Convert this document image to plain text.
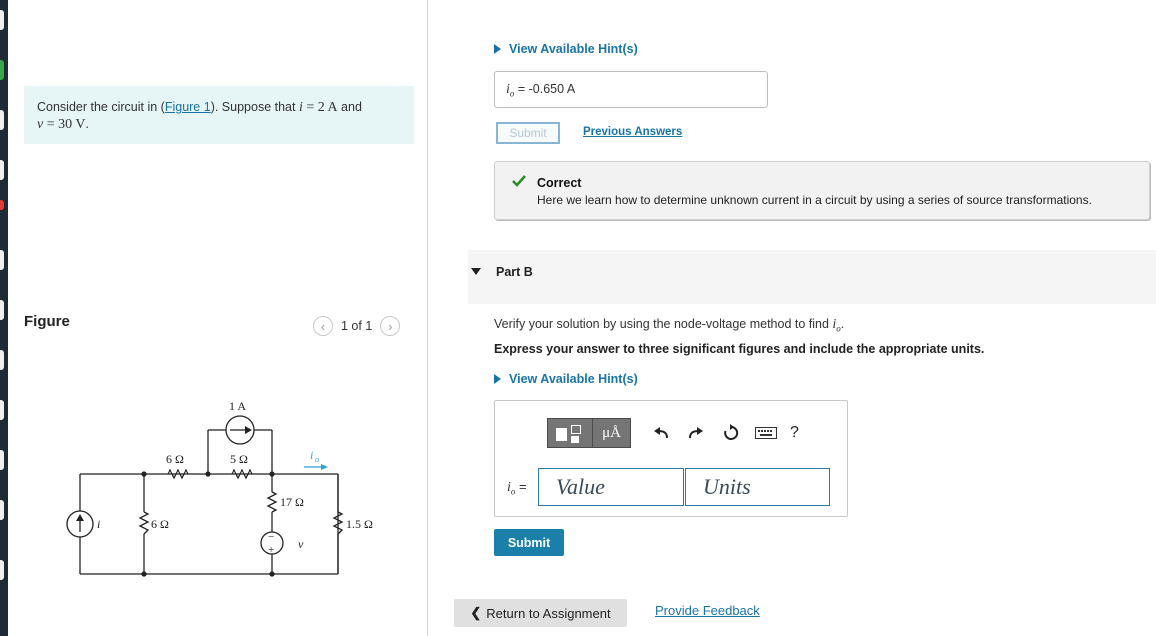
Consider the circuit in (Figure 1). Suppose that i = 2 A and
v = 30 V.
Figure	‹	1 of 1	›
1 A
6 Ω	5 Ω	i o
17 Ω
i	6 Ω	1.5 Ω
v
−
+
View Available Hint(s)
$i_o = -0.650$ A
Submit	Previous Answers
Correct
Here we learn how to determine unknown current in a circuit by using a series of source transformations.
Part B
Verify your solution by using the node-voltage method to find $i_o$.
Express your answer to three significant figures and include the appropriate units.
View Available Hint(s)
μÅ	?
$i_o$ =	Value	Units
Submit
❮ Return to Assignment	Provide Feedback
